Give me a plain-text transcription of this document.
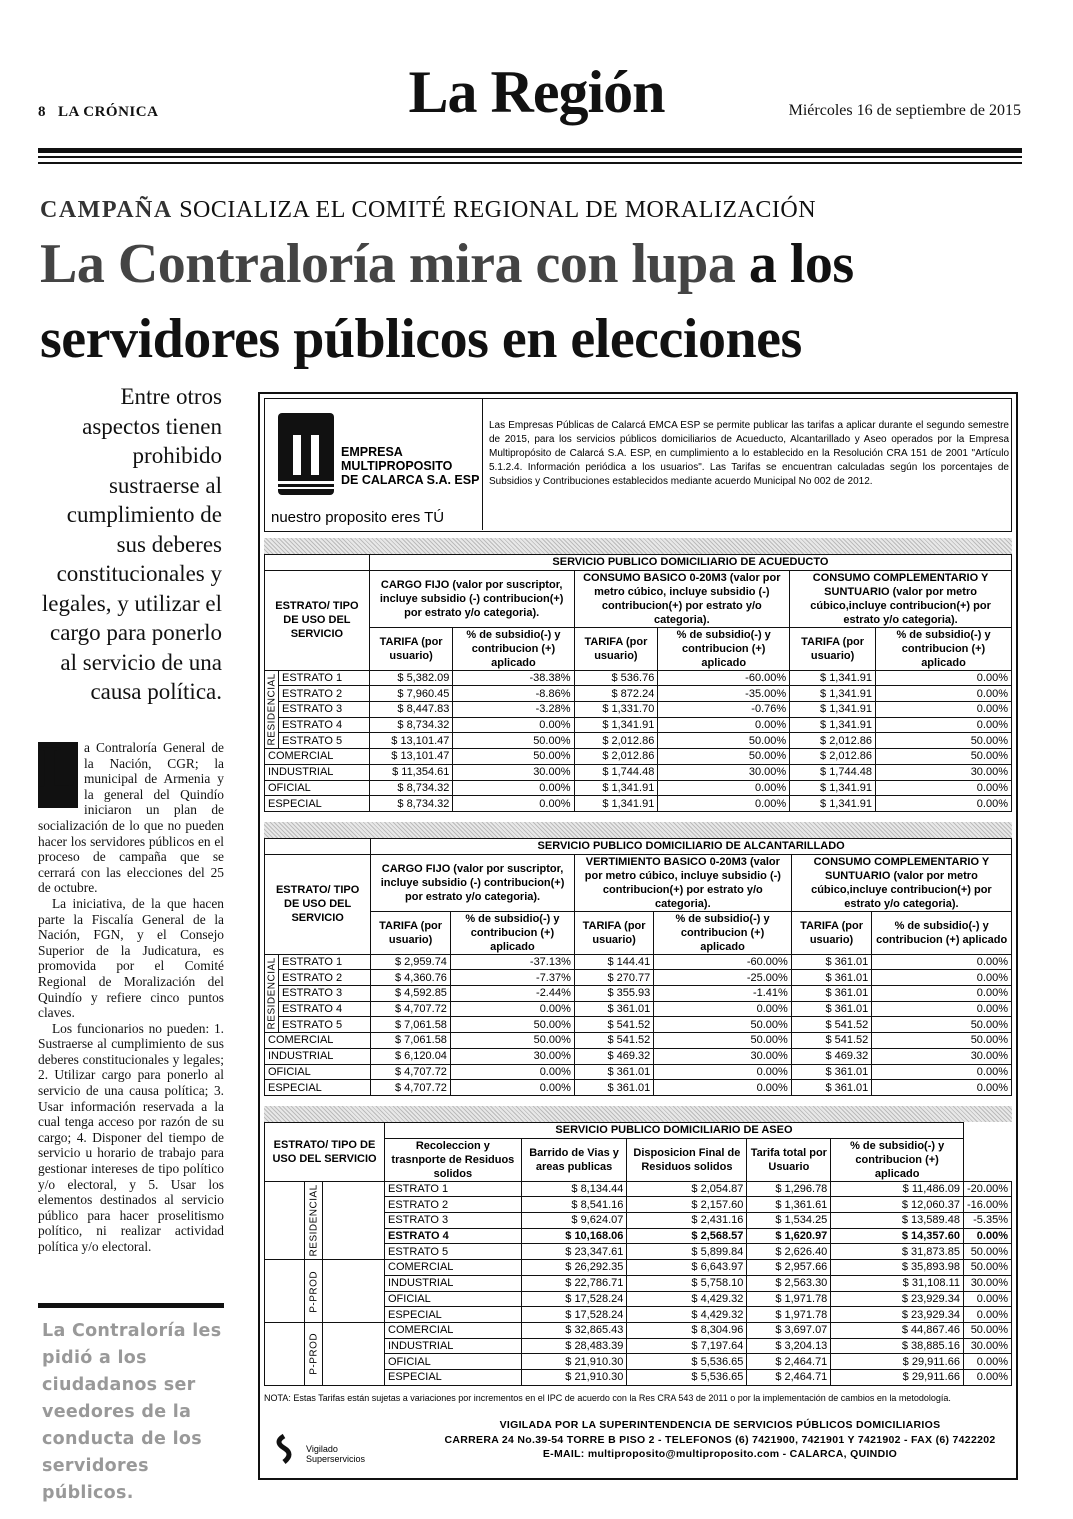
8 LA CRÓNICA	La Región	Miércoles 16 de septiembre de 2015
CAMPAÑA SOCIALIZA EL COMITÉ REGIONAL DE MORALIZACIÓN
La Contraloría mira con lupa a los
servidores públicos en elecciones
Entre otros aspectos tienen prohibido sustraerse al cumplimiento de sus deberes constitucionales y legales, y utilizar el cargo para ponerlo al servicio de una causa política.

L a Contraloría General de la Nación, CGR; la municipal de Armenia y la general del Quindío iniciaron un plan de socialización de lo que no pueden hacer los servidores públicos en el proceso de campaña que se cerrará con las elecciones del 25 de octubre.

La iniciativa, de la que hacen parte la Fiscalía General de la Nación, FGN, y el Consejo Superior de la Judicatura, es promovida por el Comité Regional de Moralización del Quindío y refiere cinco puntos claves.

Los funcionarios no pueden: 1. Sustraerse al cumplimiento de sus deberes constitucionales y legales; 2. Utilizar cargo para ponerlo al servicio de una causa política; 3. Usar información reservada a la cual tenga acceso por razón de su cargo; 4. Disponer del tiempo de servicio u horario de trabajo para gestionar intereses de tipo político y/o electoral, y 5. Usar los elementos destinados al servicio público para hacer proselitismo político, ni realizar actividad política y/o electoral.

La Contraloría les pidió a los ciudadanos ser veedores de la conducta de los servidores públicos.
EMPRESA
MULTIPROPOSITO
DE CALARCA S.A. ESP
nuestro proposito eres TÚ
Las Empresas Públicas de Calarcá EMCA ESP se permite publicar las tarifas a aplicar durante el segundo semestre de 2015, para los servicios públicos domiciliarios de Acueducto, Alcantarillado y Aseo operados por la Empresa Multipropósito de Calarcá S.A. ESP, en cumplimiento a lo establecido en la Resolución CRA 151 de 2001 "Artículo 5.1.2.4. Información periódica a los usuarios". Las Tarifas se encuentran calculadas según los porcentajes de Subsidios y Contribuciones establecidos mediante acuerdo Municipal No 002 de 2012.
		SERVICIO PUBLICO DOMICILIARIO DE ACUEDUCTO					
ESTRATO/ TIPO DE USO DEL SERVICIO		CARGO FIJO (valor por suscriptor, incluye subsidio (-) contribucion(+) por estrato y/o categoria).		CONSUMO BASICO 0-20M3 (valor por metro cúbico, incluye subsidio (-) contribucion(+) por estrato y/o categoria).		CONSUMO COMPLEMENTARIO Y SUNTUARIO (valor por metro cúbico,incluye contribucion(+) por estrato y/o categoria).	
		TARIFA (por usuario)	% de subsidio(-) y contribucion (+) aplicado	TARIFA (por usuario)	% de subsidio(-) y contribucion (+) aplicado	TARIFA (por usuario)	% de subsidio(-) y contribucion (+) aplicado
RESIDENCIAL	ESTRATO 1	$ 5,382.09	-38.38%	$ 536.76	-60.00%	$ 1,341.91	0.00%
	ESTRATO 2	$ 7,960.45	-8.86%	$ 872.24	-35.00%	$ 1,341.91	0.00%
	ESTRATO 3	$ 8,447.83	-3.28%	$ 1,331.70	-0.76%	$ 1,341.91	0.00%
	ESTRATO 4	$ 8,734.32	0.00%	$ 1,341.91	0.00%	$ 1,341.91	0.00%
	ESTRATO 5	$ 13,101.47	50.00%	$ 2,012.86	50.00%	$ 2,012.86	50.00%
COMERCIAL		$ 13,101.47	50.00%	$ 2,012.86	50.00%	$ 2,012.86	50.00%
INDUSTRIAL		$ 11,354.61	30.00%	$ 1,744.48	30.00%	$ 1,744.48	30.00%
OFICIAL		$ 8,734.32	0.00%	$ 1,341.91	0.00%	$ 1,341.91	0.00%
ESPECIAL		$ 8,734.32	0.00%	$ 1,341.91	0.00%	$ 1,341.91	0.00%
		SERVICIO PUBLICO DOMICILIARIO DE ALCANTARILLADO					
ESTRATO/ TIPO DE USO DEL SERVICIO		CARGO FIJO (valor por suscriptor, incluye subsidio (-) contribucion(+) por estrato y/o categoria).		VERTIMIENTO BASICO 0-20M3 (valor por metro cúbico, incluye subsidio (-) contribucion(+) por estrato y/o categoria).		CONSUMO COMPLEMENTARIO Y SUNTUARIO (valor por metro cúbico,incluye contribucion(+) por estrato y/o categoria).	
		TARIFA (por usuario)	% de subsidio(-) y contribucion (+) aplicado	TARIFA (por usuario)	% de subsidio(-) y contribucion (+) aplicado	TARIFA (por usuario)	% de subsidio(-) y contribucion (+) aplicado
RESIDENCIAL	ESTRATO 1	$ 2,959.74	-37.13%	$ 144.41	-60.00%	$ 361.01	0.00%
	ESTRATO 2	$ 4,360.76	-7.37%	$ 270.77	-25.00%	$ 361.01	0.00%
	ESTRATO 3	$ 4,592.85	-2.44%	$ 355.93	-1.41%	$ 361.01	0.00%
	ESTRATO 4	$ 4,707.72	0.00%	$ 361.01	0.00%	$ 361.01	0.00%
	ESTRATO 5	$ 7,061.58	50.00%	$ 541.52	50.00%	$ 541.52	50.00%
COMERCIAL		$ 7,061.58	50.00%	$ 541.52	50.00%	$ 541.52	50.00%
INDUSTRIAL		$ 6,120.04	30.00%	$ 469.32	30.00%	$ 469.32	30.00%
OFICIAL		$ 4,707.72	0.00%	$ 361.01	0.00%	$ 361.01	0.00%
ESPECIAL		$ 4,707.72	0.00%	$ 361.01	0.00%	$ 361.01	0.00%
ESTRATO/ TIPO DE USO DEL SERVICIO			SERVICIO PUBLICO DOMICILIARIO DE ASEO					
			Recoleccion y trasnporte de Residuos solidos	Barrido de Vias y areas publicas	Disposicion Final de Residuos solidos	Tarifa total por Usuario	% de subsidio(-) y contribucion (+) aplicado	
	RESIDENCIAL		ESTRATO 1	$ 8,134.44	$ 2,054.87	$ 1,296.78	$ 11,486.09	-20.00%
			ESTRATO 2	$ 8,541.16	$ 2,157.60	$ 1,361.61	$ 12,060.37	-16.00%
			ESTRATO 3	$ 9,624.07	$ 2,431.16	$ 1,534.25	$ 13,589.48	-5.35%
			ESTRATO 4	$ 10,168.06	$ 2,568.57	$ 1,620.97	$ 14,357.60	0.00%
			ESTRATO 5	$ 23,347.61	$ 5,899.84	$ 2,626.40	$ 31,873.85	50.00%
	P-PROD		COMERCIAL	$ 26,292.35	$ 6,643.97	$ 2,957.66	$ 35,893.98	50.00%
			INDUSTRIAL	$ 22,786.71	$ 5,758.10	$ 2,563.30	$ 31,108.11	30.00%
			OFICIAL	$ 17,528.24	$ 4,429.32	$ 1,971.78	$ 23,929.34	0.00%
			ESPECIAL	$ 17,528.24	$ 4,429.32	$ 1,971.78	$ 23,929.34	0.00%
	P-PROD		COMERCIAL	$ 32,865.43	$ 8,304.96	$ 3,697.07	$ 44,867.46	50.00%
			INDUSTRIAL	$ 28,483.39	$ 7,197.64	$ 3,204.13	$ 38,885.16	30.00%
			OFICIAL	$ 21,910.30	$ 5,536.65	$ 2,464.71	$ 29,911.66	0.00%
			ESPECIAL	$ 21,910.30	$ 5,536.65	$ 2,464.71	$ 29,911.66	0.00%
NOTA: Estas Tarifas están sujetas a variaciones por incrementos en el IPC de acuerdo con la Res CRA 543 de 2011 o por la implementación de cambios en la metodología.
Vigilado
Superservicios
VIGILADA POR LA SUPERINTENDENCIA DE SERVICIOS PÚBLICOS DOMICILIARIOS
CARRERA 24 No.39-54 TORRE B PISO 2 - TELEFONOS (6) 7421900, 7421901 Y 7421902 - FAX (6) 7422202
E-MAIL: multiproposito@multiproposito.com - CALARCA, QUINDIO
